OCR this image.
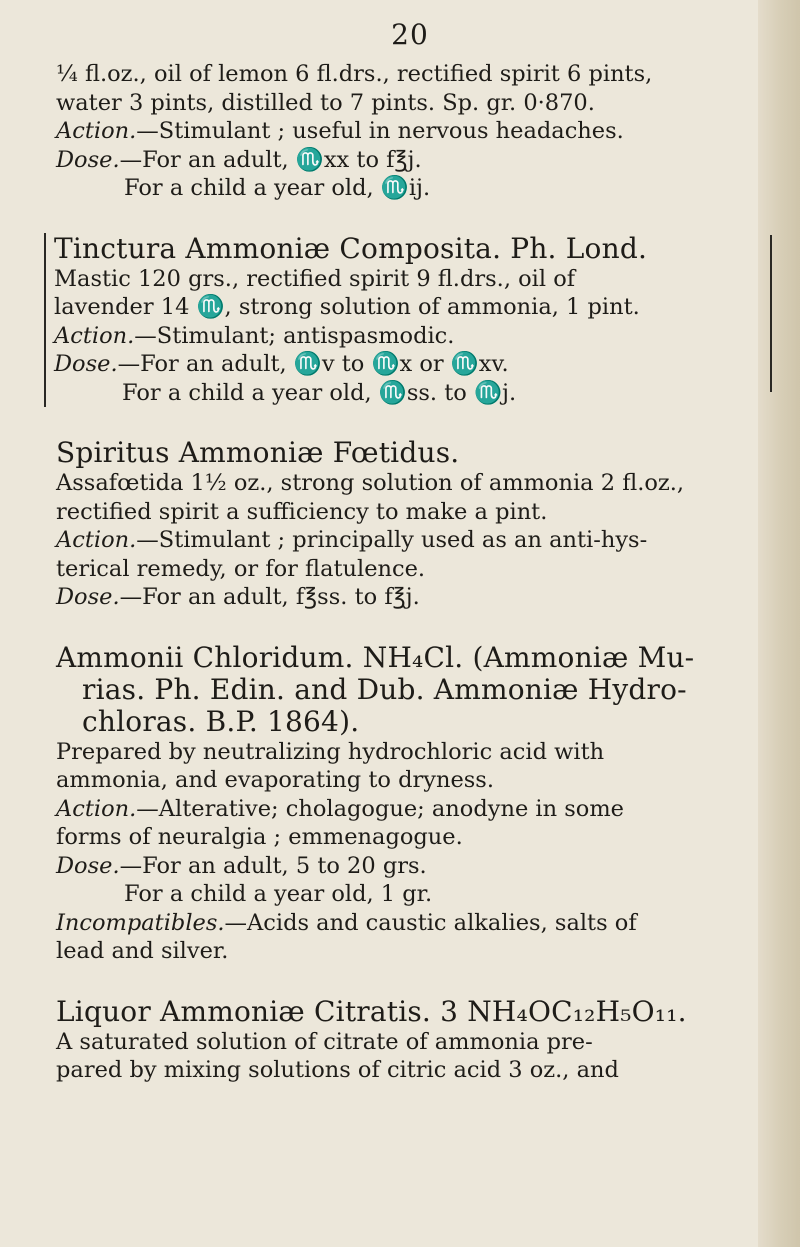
20

¼ fl.oz., oil of lemon 6 fl.drs., rectified spirit 6 pints,

water 3 pints, distilled to 7 pints. Sp. gr. 0·870.

Action.—Stimulant ; useful in nervous headaches.

Dose.—For an adult, ♏xx to f℥j.

For a child a year old, ♏ij.

Tinctura Ammoniæ Composita. Ph. Lond.

Mastic 120 grs., rectified spirit 9 fl.drs., oil of

lavender 14 ♏, strong solution of ammonia, 1 pint.

Action.—Stimulant; antispasmodic.

Dose.—For an adult, ♏v to ♏x or ♏xv.

For a child a year old, ♏ss. to ♏j.

Spiritus Ammoniæ Fœtidus.

Assafœtida 1½ oz., strong solution of ammonia 2 fl.oz.,

rectified spirit a sufficiency to make a pint.

Action.—Stimulant ; principally used as an anti-hys-

terical remedy, or for flatulence.

Dose.—For an adult, f℥ss. to f℥j.

Ammonii Chloridum. NH₄Cl. (Ammoniæ Mu-
rias. Ph. Edin. and Dub. Ammoniæ Hydro-
chloras. B.P. 1864).

Prepared by neutralizing hydrochloric acid with

ammonia, and evaporating to dryness.

Action.—Alterative; cholagogue; anodyne in some

forms of neuralgia ; emmenagogue.

Dose.—For an adult, 5 to 20 grs.

For a child a year old, 1 gr.

Incompatibles.—Acids and caustic alkalies, salts of

lead and silver.

Liquor Ammoniæ Citratis. 3 NH₄OC₁₂H₅O₁₁.

A saturated solution of citrate of ammonia pre-

pared by mixing solutions of citric acid 3 oz., and
